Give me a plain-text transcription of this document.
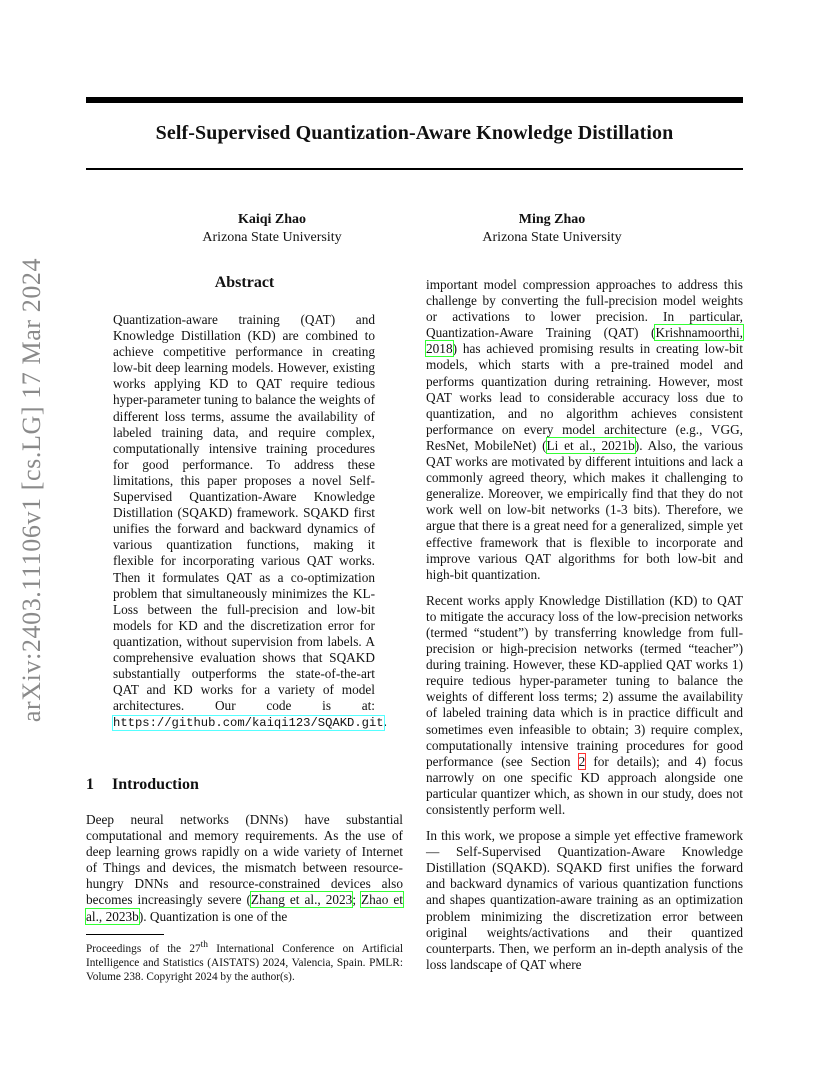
arXiv:2403.11106v1 [cs.LG] 17 Mar 2024
Self-Supervised Quantization-Aware Knowledge Distillation
Kaiqi Zhao
Arizona State University
Ming Zhao
Arizona State University
Abstract
Quantization-aware training (QAT) and Knowledge Distillation (KD) are combined to achieve competitive performance in creating low-bit deep learning models. However, existing works applying KD to QAT require tedious hyper-parameter tuning to balance the weights of different loss terms, assume the availability of labeled training data, and require complex, computationally intensive training procedures for good performance. To address these limitations, this paper proposes a novel Self-Supervised Quantization-Aware Knowledge Distillation (SQAKD) framework. SQAKD first unifies the forward and backward dynamics of various quantization functions, making it flexible for incorporating various QAT works. Then it formulates QAT as a co-optimization problem that simultaneously minimizes the KL-Loss between the full-precision and low-bit models for KD and the discretization error for quantization, without supervision from labels. A comprehensive evaluation shows that SQAKD substantially outperforms the state-of-the-art QAT and KD works for a variety of model architectures. Our code is at: https://github.com/kaiqi123/SQAKD.git.
1 Introduction

Deep neural networks (DNNs) have substantial computational and memory requirements. As the use of deep learning grows rapidly on a wide variety of Internet of Things and devices, the mismatch between resource-hungry DNNs and resource-constrained devices also becomes increasingly severe (Zhang et al., 2023; Zhao et al., 2023b). Quantization is one of the

Proceedings of the 27th International Conference on Artificial Intelligence and Statistics (AISTATS) 2024, Valencia, Spain. PMLR: Volume 238. Copyright 2024 by the author(s).

important model compression approaches to address this challenge by converting the full-precision model weights or activations to lower precision. In particular, Quantization-Aware Training (QAT) (Krishnamoorthi, 2018) has achieved promising results in creating low-bit models, which starts with a pre-trained model and performs quantization during retraining. However, most QAT works lead to considerable accuracy loss due to quantization, and no algorithm achieves consistent performance on every model architecture (e.g., VGG, ResNet, MobileNet) (Li et al., 2021b). Also, the various QAT works are motivated by different intuitions and lack a commonly agreed theory, which makes it challenging to generalize. Moreover, we empirically find that they do not work well on low-bit networks (1-3 bits). Therefore, we argue that there is a great need for a generalized, simple yet effective framework that is flexible to incorporate and improve various QAT algorithms for both low-bit and high-bit quantization.

Recent works apply Knowledge Distillation (KD) to QAT to mitigate the accuracy loss of the low-precision networks (termed “student”) by transferring knowledge from full-precision or high-precision networks (termed “teacher”) during training. However, these KD-applied QAT works 1) require tedious hyper-parameter tuning to balance the weights of different loss terms; 2) assume the availability of labeled training data which is in practice difficult and sometimes even infeasible to obtain; 3) require complex, computationally intensive training procedures for good performance (see Section 2 for details); and 4) focus narrowly on one specific KD approach alongside one particular quantizer which, as shown in our study, does not consistently perform well.

In this work, we propose a simple yet effective framework — Self-Supervised Quantization-Aware Knowledge Distillation (SQAKD). SQAKD first unifies the forward and backward dynamics of various quantization functions and shapes quantization-aware training as an optimization problem minimizing the discretization error between original weights/activations and their quantized counterparts. Then, we perform an in-depth analysis of the loss landscape of QAT where
